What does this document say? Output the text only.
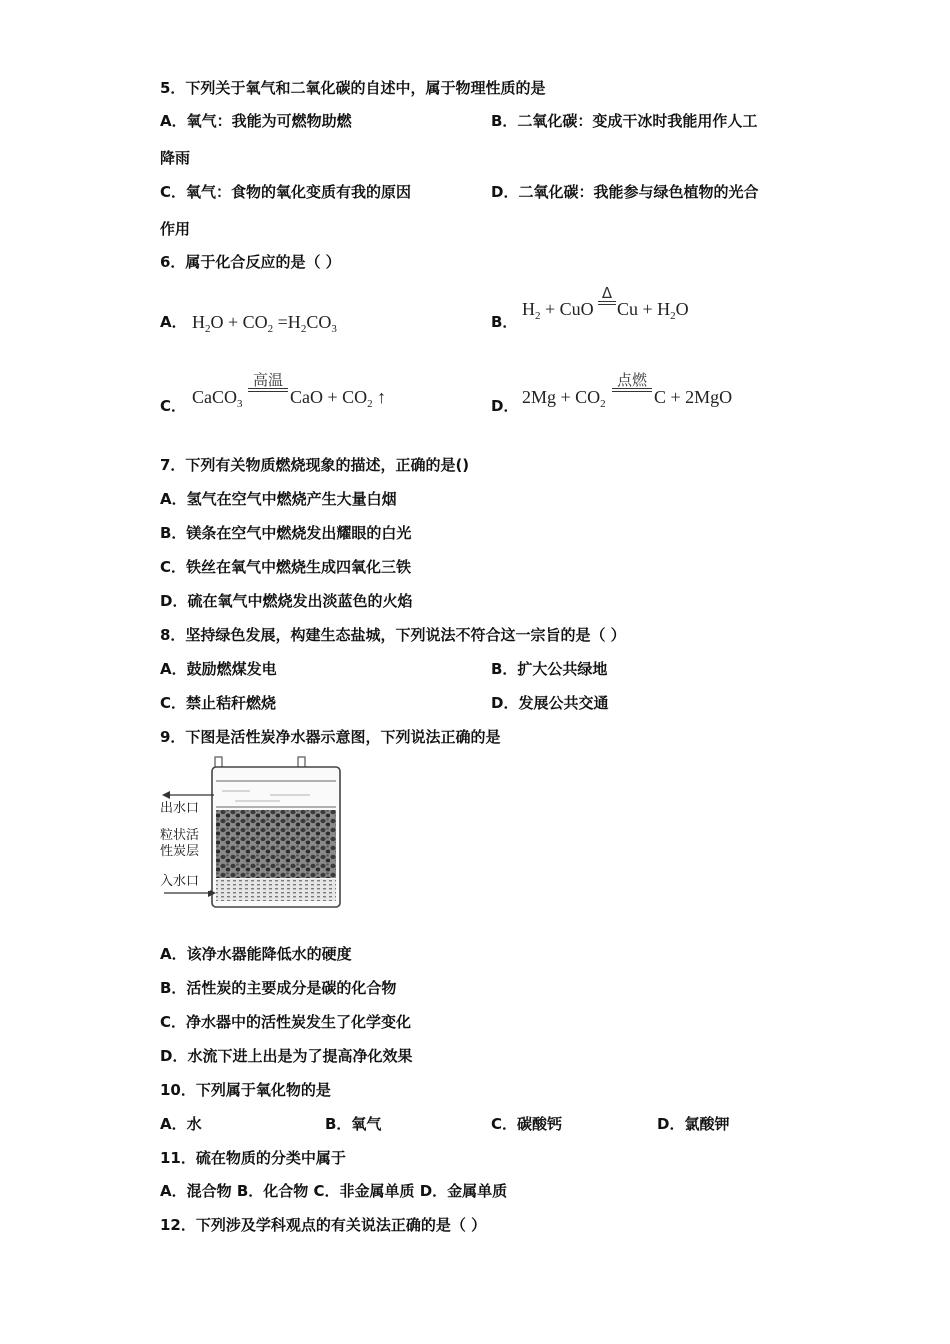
5．下列关于氧气和二氧化碳的自述中，属于物理性质的是
A．氧气：我能为可燃物助燃	B．二氧化碳：变成干冰时我能用作人工
降雨
C．氧气：食物的氧化变质有我的原因	D．二氧化碳：我能参与绿色植物的光合
作用
6．属于化合反应的是（ ）
A． $H_2O + CO_2 =H_2CO_3$	B．
$H_2$ + CuO
Δ
$Cu + H_2O$
C． CaCO$_3$
高温
CaO + $CO_2$ ↑	D． $2Mg + CO_2$
点燃
C + 2MgO
7．下列有关物质燃烧现象的描述，正确的是()
A．氢气在空气中燃烧产生大量白烟
B．镁条在空气中燃烧发出耀眼的白光
C．铁丝在氧气中燃烧生成四氧化三铁
D．硫在氧气中燃烧发出淡蓝色的火焰
8．坚持绿色发展，构建生态盐城，下列说法不符合这一宗旨的是（ ）
A．鼓励燃煤发电	B．扩大公共绿地
C．禁止秸秆燃烧	D．发展公共交通
9．下图是活性炭净水器示意图，下列说法正确的是
出水口
粒状活
性炭层
入水口
A．该净水器能降低水的硬度
B．活性炭的主要成分是碳的化合物
C．净水器中的活性炭发生了化学变化
D．水流下进上出是为了提高净化效果
10．下列属于氧化物的是
A．水	B．氧气	C．碳酸钙	D．氯酸钾
11．硫在物质的分类中属于
A．混合物 B．化合物 C．非金属单质 D．金属单质
12．下列涉及学科观点的有关说法正确的是（ ）
